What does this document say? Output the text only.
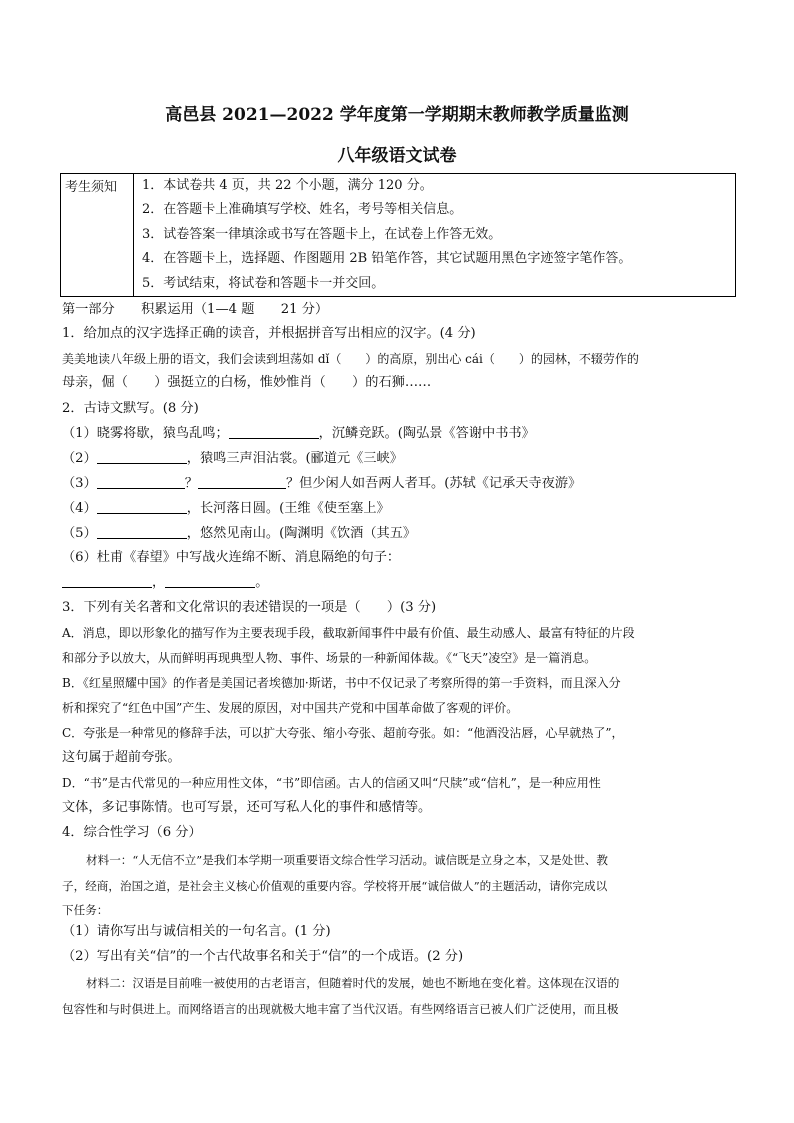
高邑县 2021—2022 学年度第一学期期末教师教学质量监测
八年级语文试卷
考生须知	1．本试卷共 4 页，共 22 个小题，满分 120 分。
2．在答题卡上准确填写学校、姓名，考号等相关信息。
3．试卷答案一律填涂或书写在答题卡上，在试卷上作答无效。
4．在答题卡上，选择题、作图题用 2B 铅笔作答，其它试题用黑色字迹签字笔作答。
5．考试结束，将试卷和答题卡一并交回。
第一部分　　积累运用（1—4 题　　21 分）
1．给加点的汉字选择正确的读音，并根据拼音写出相应的汉字。(4 分)
美美地读八年级上册的语文，我们会读到坦荡如 dǐ（　　）的高原，别出心 cái（　　）的园林，不辍劳作的
母亲，倔（　　）强挺立的白杨，惟妙惟肖（　　）的石狮……
2．古诗文默写。(8 分)
（1）晓雾将歇，猿鸟乱鸣；	，沉鳞竞跃。(陶弘景《答谢中书书》
（2）	，猿鸣三声泪沾裳。(郦道元《三峡》
（3）	？	？但少闲人如吾两人者耳。(苏轼《记承天寺夜游》
（4）	，长河落日圆。(王维《使至塞上》
（5）	，悠然见南山。(陶渊明《饮酒（其五》
（6）杜甫《春望》中写战火连绵不断、消息隔绝的句子：
，	。
3．下列有关名著和文化常识的表述错误的一项是（　　）(3 分)
A．消息，即以形象化的描写作为主要表现手段，截取新闻事件中最有价值、最生动感人、最富有特征的片段
和部分予以放大，从而鲜明再现典型人物、事件、场景的一种新闻体裁。《“飞天”凌空》是一篇消息。
B．《红星照耀中国》的作者是美国记者埃德加·斯诺，书中不仅记录了考察所得的第一手资料，而且深入分
析和探究了“红色中国”产生、发展的原因，对中国共产党和中国革命做了客观的评价。
C．夸张是一种常见的修辞手法，可以扩大夸张、缩小夸张、超前夸张。如：“他酒没沾唇，心早就热了”，
这句属于超前夸张。
D．“书”是古代常见的一种应用性文体，“书”即信函。古人的信函又叫“尺牍”或“信札”，是一种应用性
文体，多记事陈情。也可写景，还可写私人化的事件和感情等。
4．综合性学习（6 分）
材料一：“人无信不立”是我们本学期一项重要语文综合性学习活动。诚信既是立身之本，又是处世、教
子，经商，治国之道，是社会主义核心价值观的重要内容。学校将开展“诚信做人”的主题活动，请你完成以
下任务：
（1）请你写出与诚信相关的一句名言。(1 分)
（2）写出有关“信”的一个古代故事名和关于“信”的一个成语。(2 分)
材料二：汉语是目前唯一被使用的古老语言，但随着时代的发展，她也不断地在变化着。这体现在汉语的
包容性和与时俱进上。而网络语言的出现就极大地丰富了当代汉语。有些网络语言已被人们广泛使用，而且极
